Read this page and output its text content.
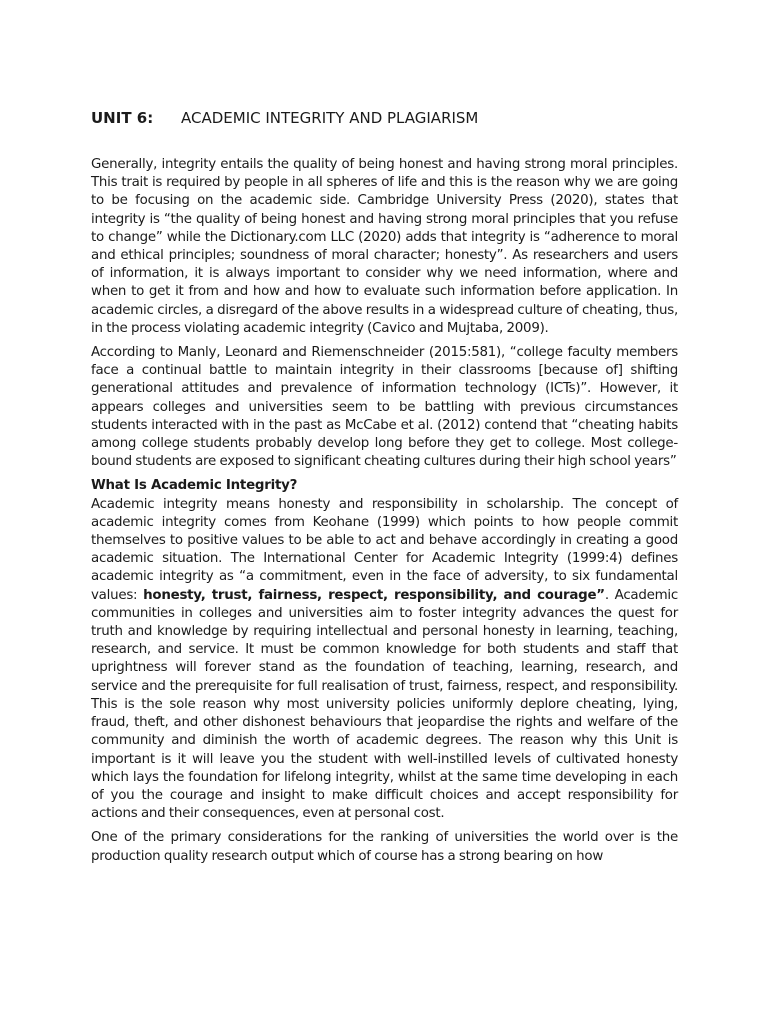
UNIT 6: ACADEMIC INTEGRITY AND PLAGIARISM

Generally, integrity entails the quality of being honest and having strong moral principles. This trait is required by people in all spheres of life and this is the reason why we are going to be focusing on the academic side. Cambridge University Press (2020), states that integrity is “the quality of being honest and having strong moral principles that you refuse to change” while the Dictionary.com LLC (2020) adds that integrity is “adherence to moral and ethical principles; soundness of moral character; honesty”. As researchers and users of information, it is always important to consider why we need information, where and when to get it from and how and how to evaluate such information before application. In academic circles, a disregard of the above results in a widespread culture of cheating, thus, in the process violating academic integrity (Cavico and Mujtaba, 2009).

According to Manly, Leonard and Riemenschneider (2015:581), “college faculty members face a continual battle to maintain integrity in their classrooms [because of] shifting generational attitudes and prevalence of information technology (ICTs)”. However, it appears colleges and universities seem to be battling with previous circumstances students interacted with in the past as McCabe et al. (2012) contend that “cheating habits among college students probably develop long before they get to college. Most college-bound students are exposed to significant cheating cultures during their high school years”

What Is Academic Integrity?

Academic integrity means honesty and responsibility in scholarship. The concept of academic integrity comes from Keohane (1999) which points to how people commit themselves to positive values to be able to act and behave accordingly in creating a good academic situation. The International Center for Academic Integrity (1999:4) defines academic integrity as “a commitment, even in the face of adversity, to six fundamental values: honesty, trust, fairness, respect, responsibility, and courage”. Academic communities in colleges and universities aim to foster integrity advances the quest for truth and knowledge by requiring intellectual and personal honesty in learning, teaching, research, and service. It must be common knowledge for both students and staff that uprightness will forever stand as the foundation of teaching, learning, research, and service and the prerequisite for full realisation of trust, fairness, respect, and responsibility. This is the sole reason why most university policies uniformly deplore cheating, lying, fraud, theft, and other dishonest behaviours that jeopardise the rights and welfare of the community and diminish the worth of academic degrees. The reason why this Unit is important is it will leave you the student with well-instilled levels of cultivated honesty which lays the foundation for lifelong integrity, whilst at the same time developing in each of you the courage and insight to make difficult choices and accept responsibility for actions and their consequences, even at personal cost.

One of the primary considerations for the ranking of universities the world over is the production quality research output which of course has a strong bearing on how
